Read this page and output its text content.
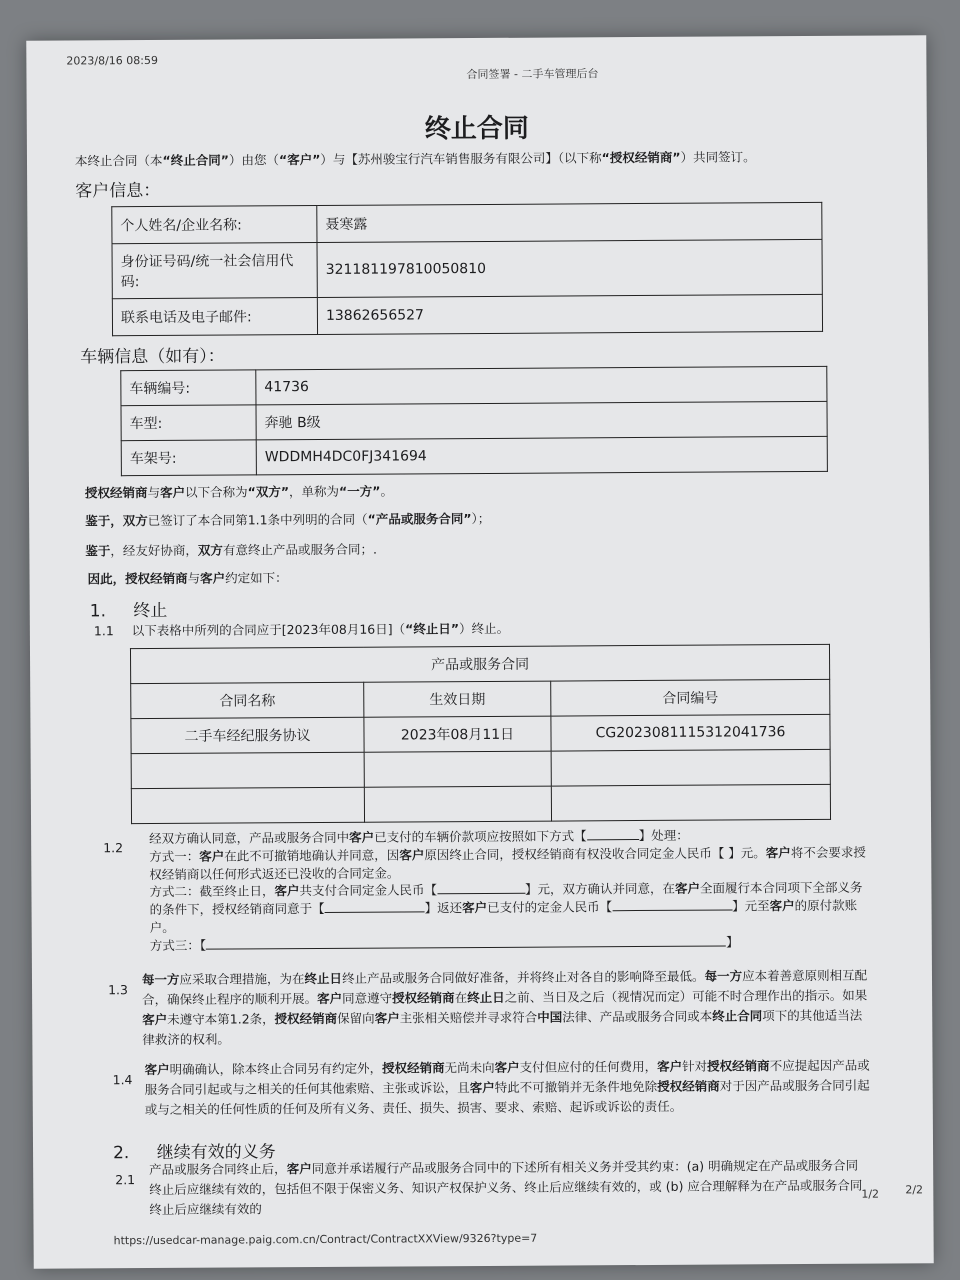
2023/8/16 08:59
合同签署 - 二手车管理后台
终止合同
本终止合同（本“终止合同”）由您（“客户”）与【苏州骏宝行汽车销售服务有限公司】（以下称“授权经销商”）共同签订。
客户信息：
个人姓名/企业名称:	聂寒露
身份证号码/统一社会信用代码:	321181197810050810
联系电话及电子邮件:	13862656527
车辆信息（如有）：
车辆编号:	41736
车型:	奔驰 B级
车架号:	WDDMH4DC0FJ341694
授权经销商与客户以下合称为“双方”，单称为“一方”。
鉴于，双方已签订了本合同第1.1条中列明的合同（“产品或服务合同”）；
鉴于，经友好协商，双方有意终止产品或服务合同；.
因此，授权经销商与客户约定如下：
1. 终止
1.1 以下表格中所列的合同应于[2023年08月16日]（“终止日”）终止。
产品或服务合同		
合同名称	生效日期	合同编号
二手车经纪服务协议	2023年08月11日	CG2023081115312041736

1.2
经双方确认同意，产品或服务合同中客户已支付的车辆价款项应按照如下方式【	】处理：
方式一：客户在此不可撤销地确认并同意，因客户原因终止合同，授权经销商有权没收合同定金人民币【 】元。客户将不会要求授
权经销商以任何形式返还已没收的合同定金。
方式二：截至终止日，客户共支付合同定金人民币【	】元，双方确认并同意，在客户全面履行本合同项下全部义务
的条件下，授权经销商同意于【	】返还客户已支付的定金人民币【	】元至客户的原付款账
户。
方式三：【	】
1.3
每一方应采取合理措施，为在终止日终止产品或服务合同做好准备，并将终止对各自的影响降至最低。每一方应本着善意原则相互配合，确保终止程序的顺利开展。客户同意遵守授权经销商在终止日之前、当日及之后（视情况而定）可能不时合理作出的指示。如果客户未遵守本第1.2条，授权经销商保留向客户主张相关赔偿并寻求符合中国法律、产品或服务合同或本终止合同项下的其他适当法律救济的权利。
1.4
客户明确确认，除本终止合同另有约定外，授权经销商无尚未向客户支付但应付的任何费用，客户针对授权经销商不应提起因产品或服务合同引起或与之相关的任何其他索赔、主张或诉讼，且客户特此不可撤销并无条件地免除授权经销商对于因产品或服务合同引起或与之相关的任何性质的任何及所有义务、责任、损失、损害、要求、索赔、起诉或诉讼的责任。
2. 继续有效的义务
2.1
产品或服务合同终止后，客户同意并承诺履行产品或服务合同中的下述所有相关义务并受其约束：(a) 明确规定在产品或服务合同终止后应继续有效的，包括但不限于保密义务、知识产权保护义务、终止后应继续有效的，或 (b) 应合理解释为在产品或服务合同终止后应继续有效的
1/2 2/2
https://usedcar-manage.paig.com.cn/Contract/ContractXXView/9326?type=7
